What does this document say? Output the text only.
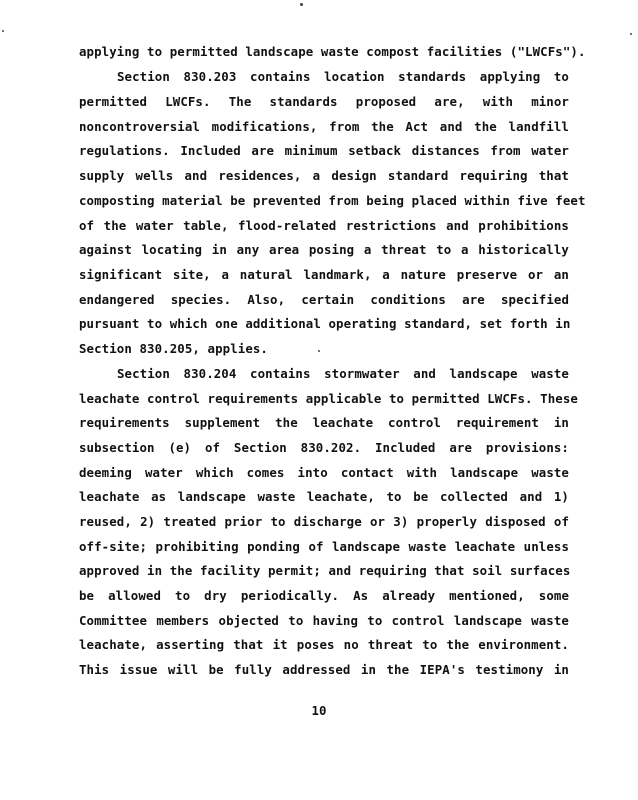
applying to permitted landscape waste compost facilities ("LWCFs").
Section 830.203 contains location standards applying to
permitted LWCFs. The standards proposed are, with minor
noncontroversial modifications, from the Act and the landfill
regulations. Included are minimum setback distances from water
supply wells and residences, a design standard requiring that
composting material be prevented from being placed within five feet
of the water table, flood-related restrictions and prohibitions
against locating in any area posing a threat to a historically
significant site, a natural landmark, a nature preserve or an
endangered species. Also, certain conditions are specified
pursuant to which one additional operating standard, set forth in
Section 830.205, applies.
Section 830.204 contains stormwater and landscape waste
leachate control requirements applicable to permitted LWCFs. These
requirements supplement the leachate control requirement in
subsection (e) of Section 830.202. Included are provisions:
deeming water which comes into contact with landscape waste
leachate as landscape waste leachate, to be collected and 1)
reused, 2) treated prior to discharge or 3) properly disposed of
off-site; prohibiting ponding of landscape waste leachate unless
approved in the facility permit; and requiring that soil surfaces
be allowed to dry periodically. As already mentioned, some
Committee members objected to having to control landscape waste
leachate, asserting that it poses no threat to the environment.
This issue will be fully addressed in the IEPA's testimony in
10
